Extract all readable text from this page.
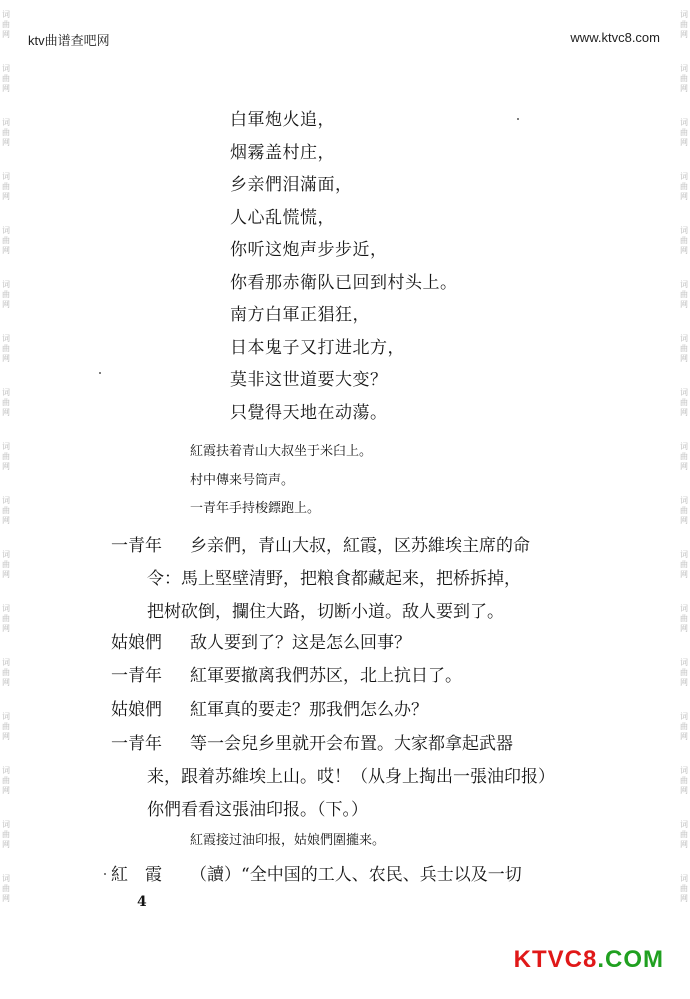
词
曲
网
词
曲
网
词
曲
网
词
曲
网
词
曲
网
词
曲
网
词
曲
网
词
曲
网
词
曲
网
词
曲
网
词
曲
网
词
曲
网
词
曲
网
词
曲
网
词
曲
网
词
曲
网
词
曲
网
词
曲
网
词
曲
网
词
曲
网
词
曲
网
词
曲
网
词
曲
网
词
曲
网
词
曲
网
词
曲
网
词
曲
网
词
曲
网
词
曲
网
词
曲
网
词
曲
网
词
曲
网
词
曲
网
词
曲
网
ktv曲谱查吧网	www.ktvc8.com
白軍炮火追，
烟霧盖村庄，
乡亲們泪滿面，
人心乱慌慌，
你听这炮声步步近，
你看那赤衛队已回到村头上。
南方白軍正猖狂，
日本鬼子又打进北方，
莫非这世道要大变？
只覺得天地在动蕩。
紅霞扶着青山大叔坐于米臼上。
村中傳来号筒声。
一青年手持梭鏢跑上。
一青年 乡亲們，青山大叔，紅霞，区苏維埃主席的命
令：馬上堅壁清野，把粮食都藏起来，把桥拆掉，
把树砍倒，攔住大路，切断小道。敌人要到了。
姑娘們 敌人要到了？这是怎么回事？
一青年 紅軍要撤离我們苏区，北上抗日了。
姑娘們 紅軍真的要走？那我們怎么办？
一青年 等一会兒乡里就开会布置。大家都拿起武器
来，跟着苏維埃上山。哎！（从身上掏出一張油印报）
你們看看这張油印报。（下。）
紅霞接过油印报，姑娘們圍攏来。
紅　霞 （讀）“全中国的工人、农民、兵士以及一切
4
KTVC8.COM
